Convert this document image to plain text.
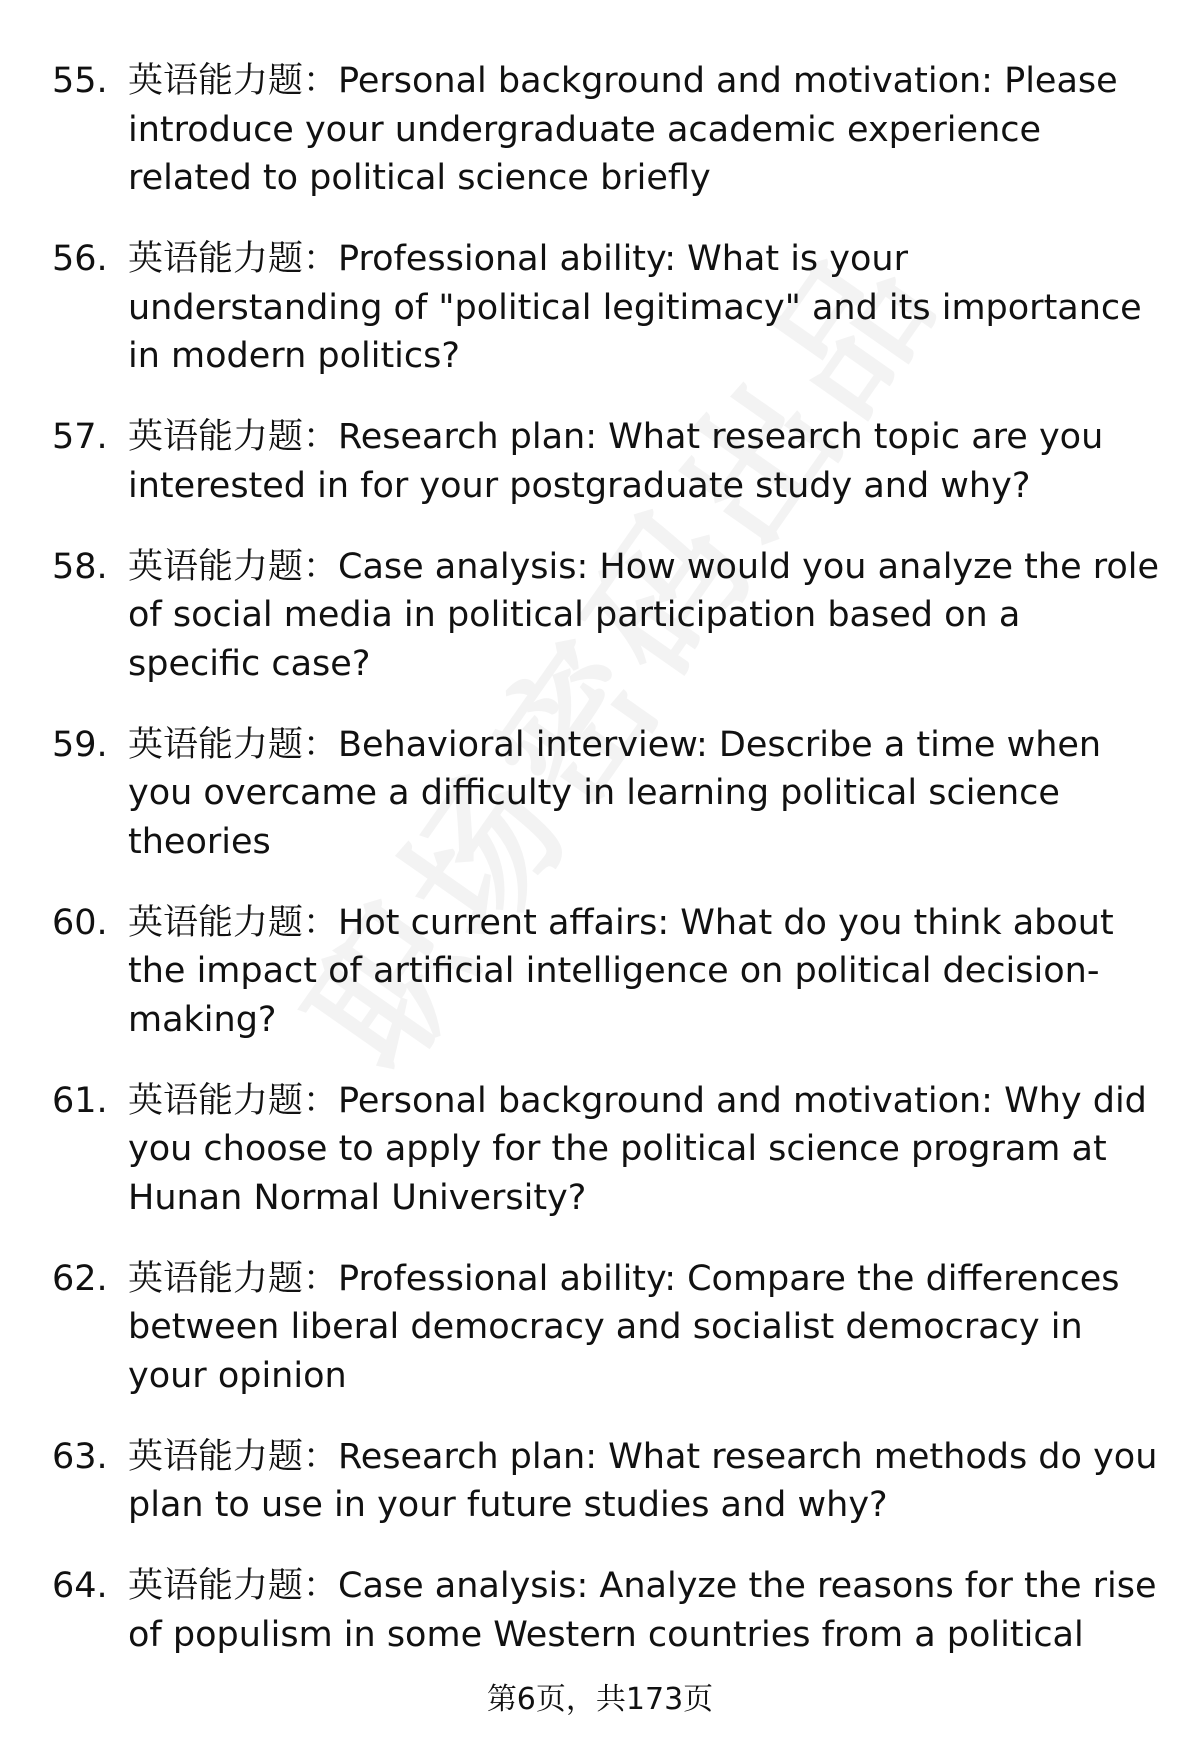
55. 英语能力题：Personal background and motivation: Please introduce your undergraduate academic experience related to political science briefly
56. 英语能力题：Professional ability: What is your understanding of "political legitimacy" and its importance in modern politics?
57. 英语能力题：Research plan: What research topic are you interested in for your postgraduate study and why?
58. 英语能力题：Case analysis: How would you analyze the role of social media in political participation based on a specific case?
59. 英语能力题：Behavioral interview: Describe a time when you overcame a difficulty in learning political science theories
60. 英语能力题：Hot current affairs: What do you think about the impact of artificial intelligence on political decision-making?
61. 英语能力题：Personal background and motivation: Why did you choose to apply for the political science program at Hunan Normal University?
62. 英语能力题：Professional ability: Compare the differences between liberal democracy and socialist democracy in your opinion
63. 英语能力题：Research plan: What research methods do you plan to use in your future studies and why?
64. 英语能力题：Case analysis: Analyze the reasons for the rise of populism in some Western countries from a political
第6页，共173页
